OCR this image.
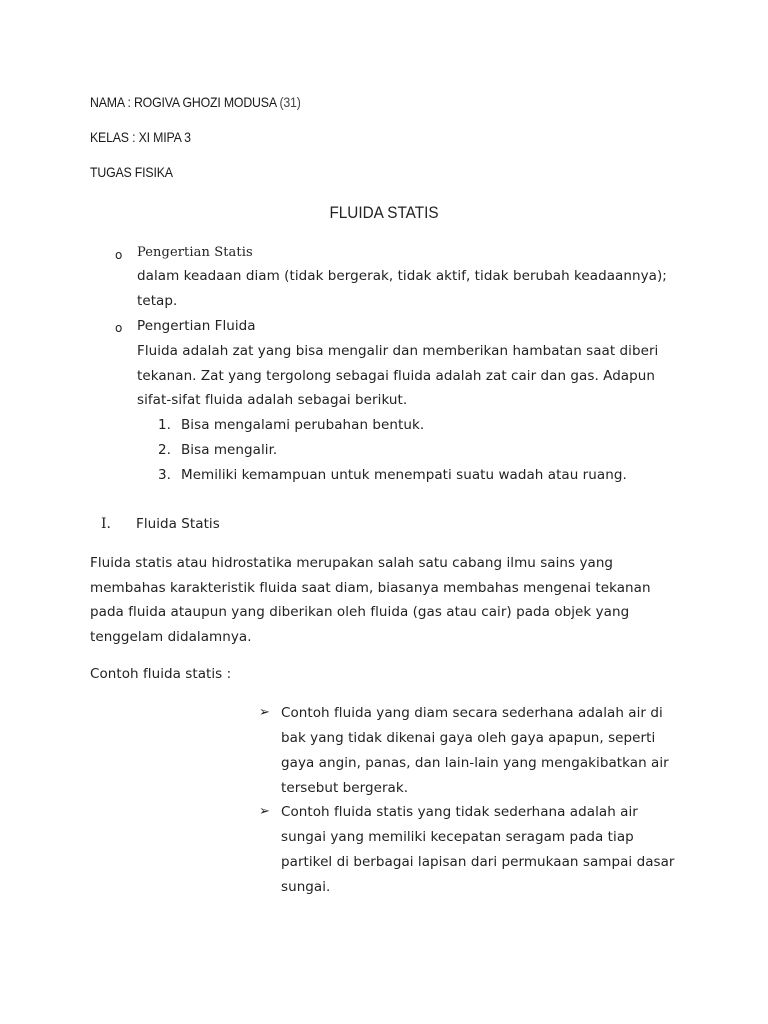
NAMA : ROGIVA GHOZI MODUSA (31)
KELAS : XI MIPA 3
TUGAS FISIKA
FLUIDA STATIS
o Pengertian Statis
dalam keadaan diam (tidak bergerak, tidak aktif, tidak berubah keadaannya);
tetap.
o Pengertian Fluida
Fluida adalah zat yang bisa mengalir dan memberikan hambatan saat diberi
tekanan. Zat yang tergolong sebagai fluida adalah zat cair dan gas. Adapun
sifat-sifat fluida adalah sebagai berikut.
1. Bisa mengalami perubahan bentuk.
2. Bisa mengalir.
3. Memiliki kemampuan untuk menempati suatu wadah atau ruang.
I. Fluida Statis
Fluida statis atau hidrostatika merupakan salah satu cabang ilmu sains yang
membahas karakteristik fluida saat diam, biasanya membahas mengenai tekanan
pada fluida ataupun yang diberikan oleh fluida (gas atau cair) pada objek yang
tenggelam didalamnya.
Contoh fluida statis :
➢ Contoh fluida yang diam secara sederhana adalah air di
bak yang tidak dikenai gaya oleh gaya apapun, seperti
gaya angin, panas, dan lain-lain yang mengakibatkan air
tersebut bergerak.
➢ Contoh fluida statis yang tidak sederhana adalah air
sungai yang memiliki kecepatan seragam pada tiap
partikel di berbagai lapisan dari permukaan sampai dasar
sungai.
